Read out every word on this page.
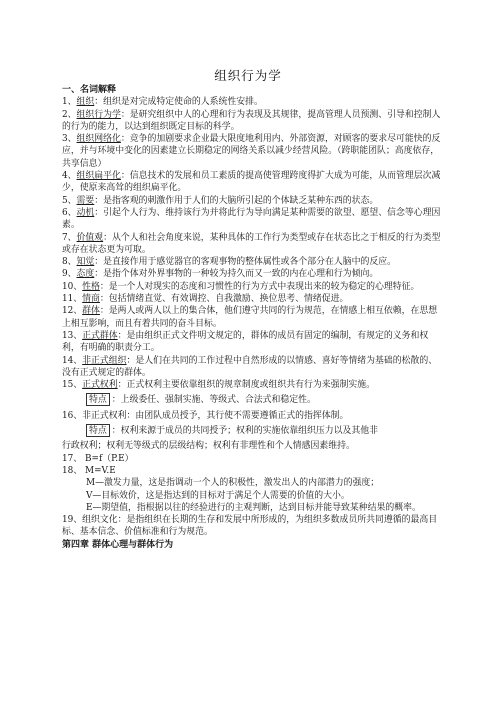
组织行为学

一、名词解释

1、组织：组织是对完成特定使命的人系统性安排。

2、组织行为学：是研究组织中人的心理和行为表现及其规律，提高管理人员预测、引导和控制人的行为的能力，以达到组织既定目标的科学。

3、组织网络化：竞争的加剧要求企业最大限度地利用内、外部资源，对顾客的要求尽可能快的反应，并与环境中变化的因素建立长期稳定的网络关系以减少经营风险。（跨职能团队；高度依存，共享信息）

4、组织扁平化：信息技术的发展和员工素质的提高使管理跨度得扩大成为可能，从而管理层次减少，使原来高耸的组织扁平化。

5、需要：是指客观的刺激作用于人们的大脑所引起的个体缺乏某种东西的状态。

6、动机：引起个人行为、维持该行为并将此行为导向满足某种需要的欲望、愿望、信念等心理因素。

7、价值观：从个人和社会角度来说，某种具体的工作行为类型或存在状态比之于相反的行为类型或存在状态更为可取。

8、知觉：是直接作用于感觉器官的客观事物的整体属性或各个部分在人脑中的反应。

9、态度：是指个体对外界事物的一种较为持久而又一致的内在心理和行为倾向。

10、性格：是一个人对现实的态度和习惯性的行为方式中表现出来的较为稳定的心理特征。

11、情商：包括情绪直觉、有效调控、自我激励、换位思考、情绪促进。

12、群体：是两人或两人以上的集合体，他们遵守共同的行为规范，在情感上相互依赖，在思想上相互影响，而且有着共同的奋斗目标。

13、正式群体：是由组织正式文件明文规定的，群体的成员有固定的编制，有规定的义务和权利，有明确的职责分工。

14、非正式组织：是人们在共同的工作过程中自然形成的以情感、喜好等情绪为基础的松散的、没有正式规定的群体。

15、正式权利：正式权利主要依靠组织的规章制度或组织共有行为来强制实施。

特点 ：上级委任、强制实施、等级式、合法式和稳定性。

16、非正式权利：由团队成员授予，其行使不需要遵循正式的指挥体制。

特点 ：权利来源于成员的共同授予；权利的实施依靠组织压力以及其他非

行政权利；权利无等级式的层级结构；权利有非理性和个人情感因素维持。

17、 B=f（P.E）

18、 M=V.E

M—激发力量，这是指调动一个人的积极性，激发出人的内部潜力的强度；

V—目标效价，这是指达到的目标对于满足个人需要的价值的大小。

E—期望值，指根据以往的经验进行的主观判断，达到目标并能导致某种结果的概率。

19、组织文化：是指组织在长期的生存和发展中所形成的，为组织多数成员所共同遵循的最高目标、基本信念、价值标准和行为规范。

第四章 群体心理与群体行为
